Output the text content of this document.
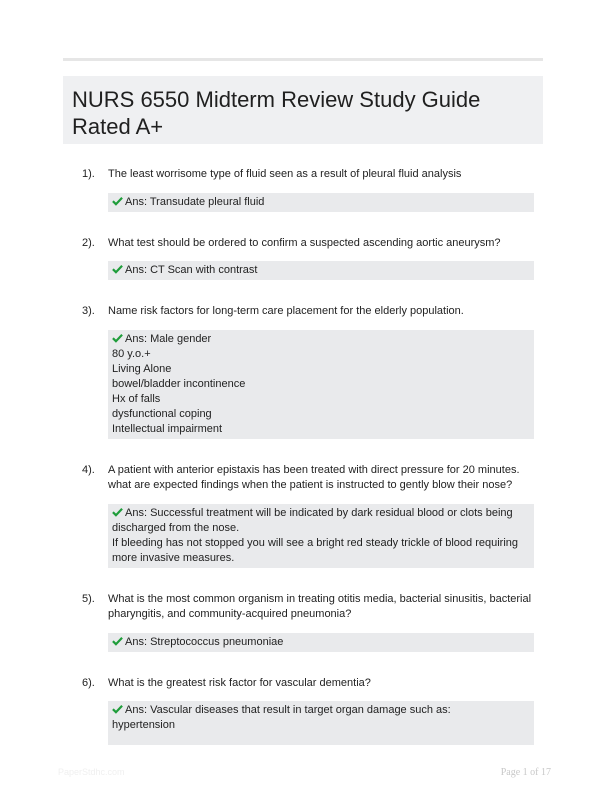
NURS 6550 Midterm Review Study Guide Rated A+
1). The least worrisome type of fluid seen as a result of pleural fluid analysis
Ans: Transudate pleural fluid
2). What test should be ordered to confirm a suspected ascending aortic aneurysm?
Ans: CT Scan with contrast
3). Name risk factors for long-term care placement for the elderly population.
Ans: Male gender
80 y.o.+
Living Alone
bowel/bladder incontinence
Hx of falls
dysfunctional coping
Intellectual impairment
4). A patient with anterior epistaxis has been treated with direct pressure for 20 minutes. what are expected findings when the patient is instructed to gently blow their nose?
Ans: Successful treatment will be indicated by dark residual blood or clots being discharged from the nose.
If bleeding has not stopped you will see a bright red steady trickle of blood requiring more invasive measures.
5). What is the most common organism in treating otitis media, bacterial sinusitis, bacterial pharyngitis, and community-acquired pneumonia?
Ans: Streptococcus pneumoniae
6). What is the greatest risk factor for vascular dementia?
Ans: Vascular diseases that result in target organ damage such as:
hypertension
PaperStdhc.com	Page 1 of 17
